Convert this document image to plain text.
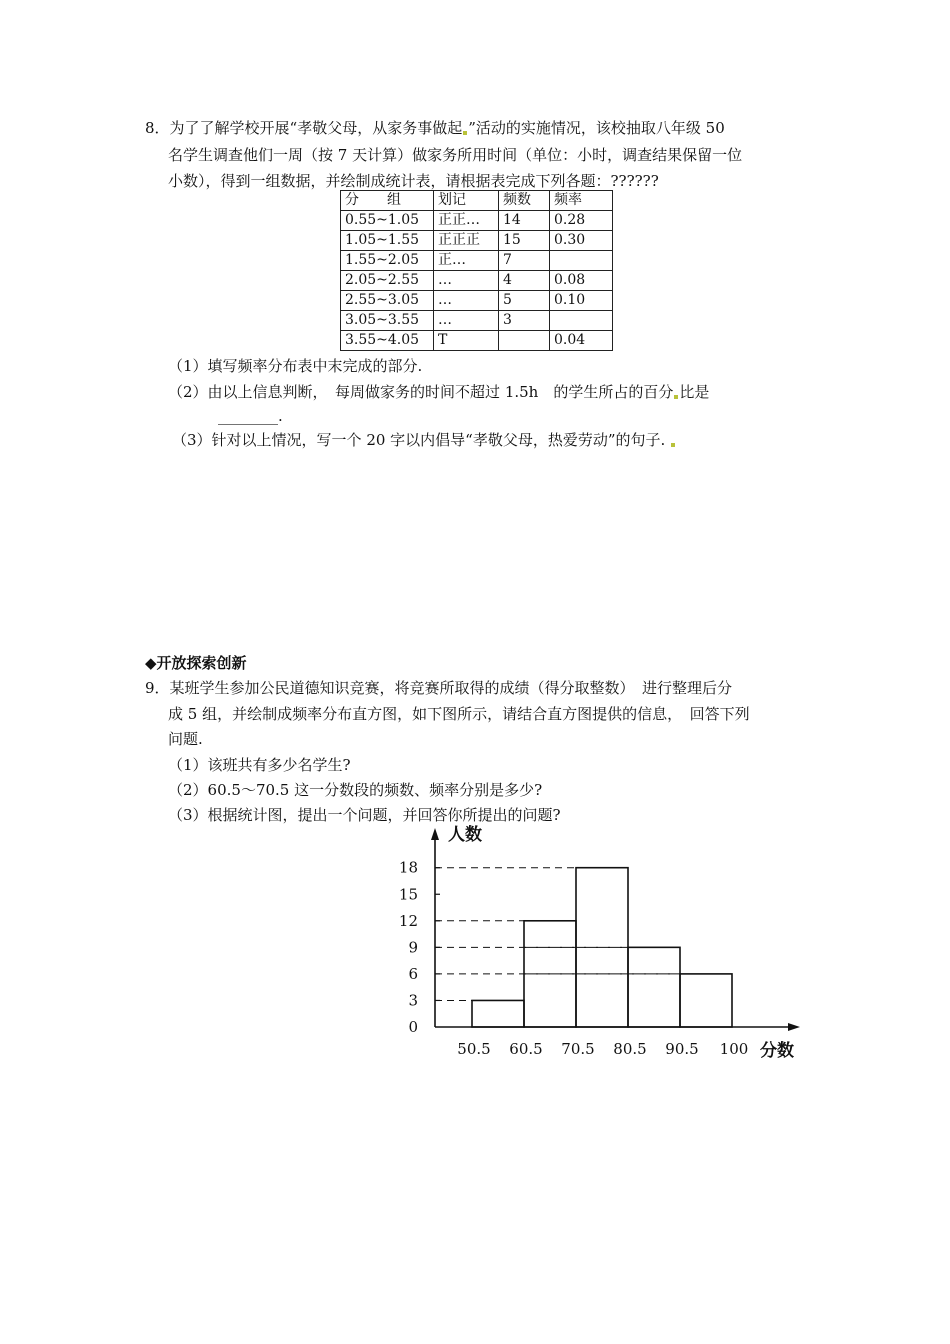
8．为了了解学校开展“孝敬父母，从家务事做起 ”活动的实施情况，该校抽取八年级 50
名学生调查他们一周（按 7 天计算）做家务所用时间（单位：小时，调查结果保留一位
小数），得到一组数据，并绘制成统计表，请根据表完成下列各题：??????
分　　组	划记	频数	频率
0.55~1.05	正正…	14	0.28
1.05~1.55	正正正	15	0.30
1.55~2.05	正…	7	
2.05~2.55	…	4	0.08
2.55~3.05	…	5	0.10
3.05~3.55	…	3	
3.55~4.05	T		0.04
（1）填写频率分布表中末完成的部分.
（2）由以上信息判断，　每周做家务的时间不超过 1.5h　的学生所占的百分 比是
________.
（3）针对以上情况，写一个 20 字以内倡导“孝敬父母，热爱劳动”的句子.
◆开放探索创新
9．某班学生参加公民道德知识竞赛，将竞赛所取得的成绩（得分取整数）　进行整理后分
成 5 组，并绘制成频率分布直方图，如下图所示，请结合直方图提供的信息，　回答下列
问题.
（1）该班共有多少名学生?
（2）60.5～70.5 这一分数段的频数、频率分别是多少?
（3）根据统计图，提出一个问题，并回答你所提出的问题?
0
3
6
9
12
15
18
50.5 60.5 70.5 80.5 90.5 100
人数
分数
